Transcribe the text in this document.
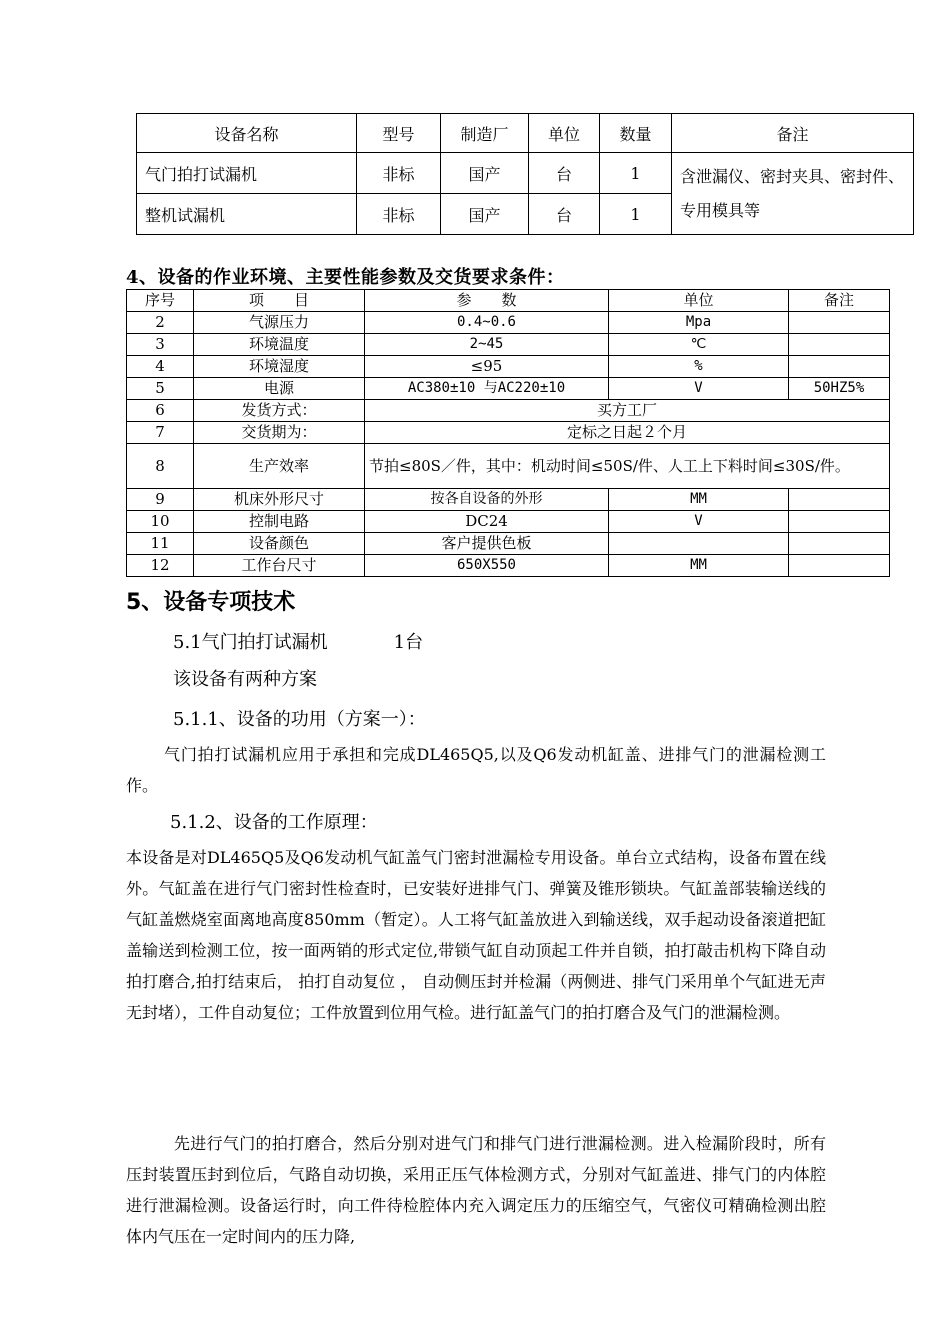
设备名称	型号	制造厂	单位	数量	备注
气门拍打试漏机	非标	国产	台	1	含泄漏仪、密封夹具、密封件、专用模具等
整机试漏机	非标	国产	台	1	
4、设备的作业环境、主要性能参数及交货要求条件：
序号	项　　目	参　　数	单位	备注
2	气源压力	0.4~0.6	Mpa	
3	环境温度	2~45	℃	
4	环境湿度	≤95	%	
5	电源	AC380±10 与AC220±10	V	50HZ5%
6	发货方式：	买方工厂		
7	交货期为：	定标之日起２个月		
8	生产效率	节拍≤80S／件，其中：机动时间≤50S/件、人工上下料时间≤30S/件。		
9	机床外形尺寸	按各自设备的外形	MM	
10	控制电路	DC24	V	
11	设备颜色	客户提供色板		
12	工作台尺寸	650X550	MM	
5、设备专项技术
5.1气门拍打试漏机	1台
该设备有两种方案
5.1.1、设备的功用（方案一）：
气门拍打试漏机应用于承担和完成DL465Q5,以及Q6发动机缸盖、进排气门的泄漏检测工作。
5.1.2、设备的工作原理：
本设备是对DL465Q5及Q6发动机气缸盖气门密封泄漏检专用设备。单台立式结构，设备布置在线外。气缸盖在进行气门密封性检查时，已安装好进排气门、弹簧及锥形锁块。气缸盖部装输送线的气缸盖燃烧室面离地高度850mm（暂定）。人工将气缸盖放进入到输送线，双手起动设备滚道把缸盖输送到检测工位，按一面两销的形式定位,带锁气缸自动顶起工件并自锁，拍打敲击机构下降自动拍打磨合,拍打结束后， 拍打自动复位 ， 自动侧压封并检漏（两侧进、排气门采用单个气缸进无声无封堵），工件自动复位；工件放置到位用气检。进行缸盖气门的拍打磨合及气门的泄漏检测。
先进行气门的拍打磨合，然后分别对进气门和排气门进行泄漏检测。进入检漏阶段时，所有压封装置压封到位后，气路自动切换，采用正压气体检测方式，分别对气缸盖进、排气门的内体腔进行泄漏检测。设备运行时，向工件待检腔体内充入调定压力的压缩空气，气密仪可精确检测出腔体内气压在一定时间内的压力降,
